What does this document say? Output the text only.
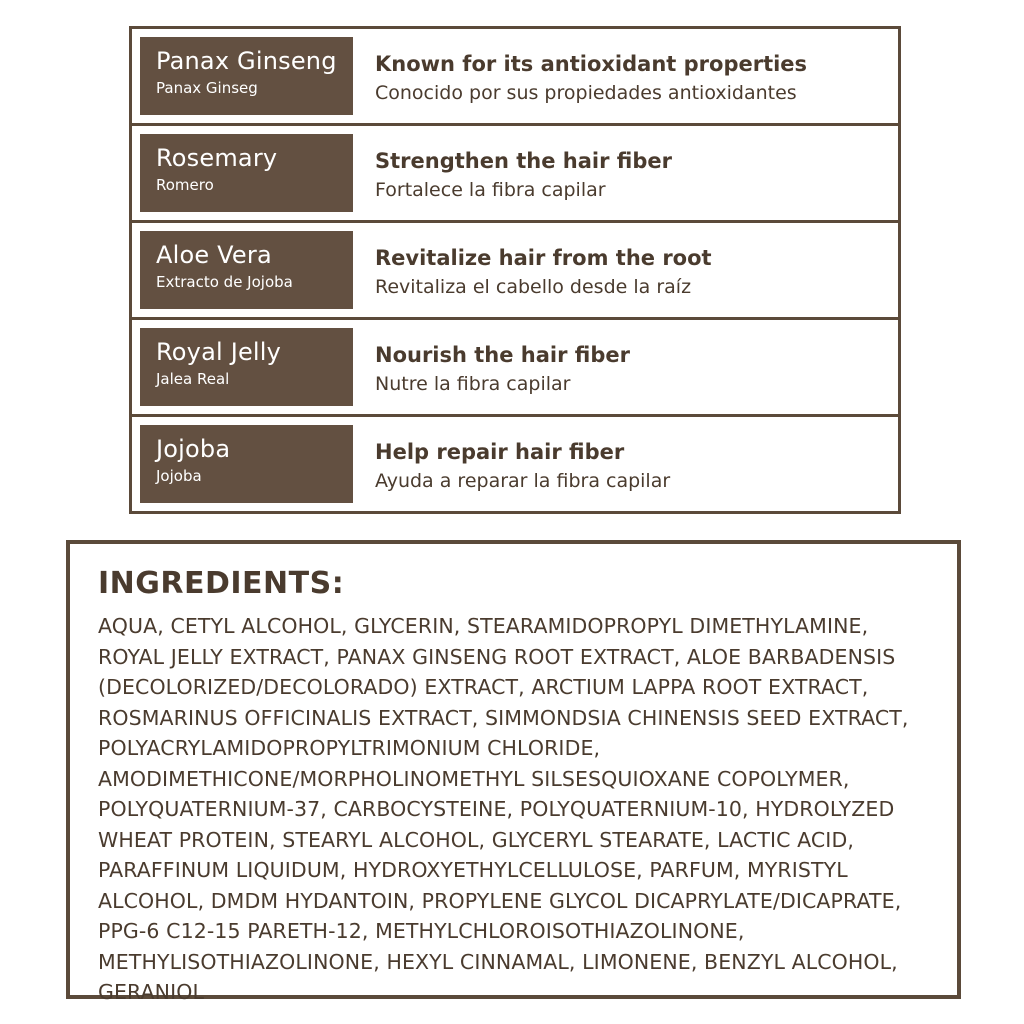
Panax Ginseng
Panax Ginseg
Known for its antioxidant properties
Conocido por sus propiedades antioxidantes
Rosemary
Romero
Strengthen the hair fiber
Fortalece la fibra capilar
Aloe Vera
Extracto de Jojoba
Revitalize hair from the root
Revitaliza el cabello desde la raíz
Royal Jelly
Jalea Real
Nourish the hair fiber
Nutre la fibra capilar
Jojoba
Jojoba
Help repair hair fiber
Ayuda a reparar la fibra capilar
INGREDIENTS:
AQUA, CETYL ALCOHOL, GLYCERIN, STEARAMIDOPROPYL DIMETHYLAMINE, ROYAL JELLY EXTRACT, PANAX GINSENG ROOT EXTRACT, ALOE BARBADENSIS (DECOLORIZED/DECOLORADO) EXTRACT, ARCTIUM LAPPA ROOT EXTRACT, ROSMARINUS OFFICINALIS EXTRACT, SIMMONDSIA CHINENSIS SEED EXTRACT, POLYACRYLAMIDOPROPYLTRIMONIUM CHLORIDE, AMODIMETHICONE/MORPHOLINOMETHYL SILSESQUIOXANE COPOLYMER, POLYQUATERNIUM-37, CARBOCYSTEINE, POLYQUATERNIUM-10, HYDROLYZED WHEAT PROTEIN, STEARYL ALCOHOL, GLYCERYL STEARATE, LACTIC ACID, PARAFFINUM LIQUIDUM, HYDROXYETHYLCELLULOSE, PARFUM, MYRISTYL ALCOHOL, DMDM HYDANTOIN, PROPYLENE GLYCOL DICAPRYLATE/DICAPRATE, PPG-6 C12-15 PARETH-12, METHYLCHLOROISOTHIAZOLINONE, METHYLISOTHIAZOLINONE, HEXYL CINNAMAL, LIMONENE, BENZYL ALCOHOL, GERANIOL
